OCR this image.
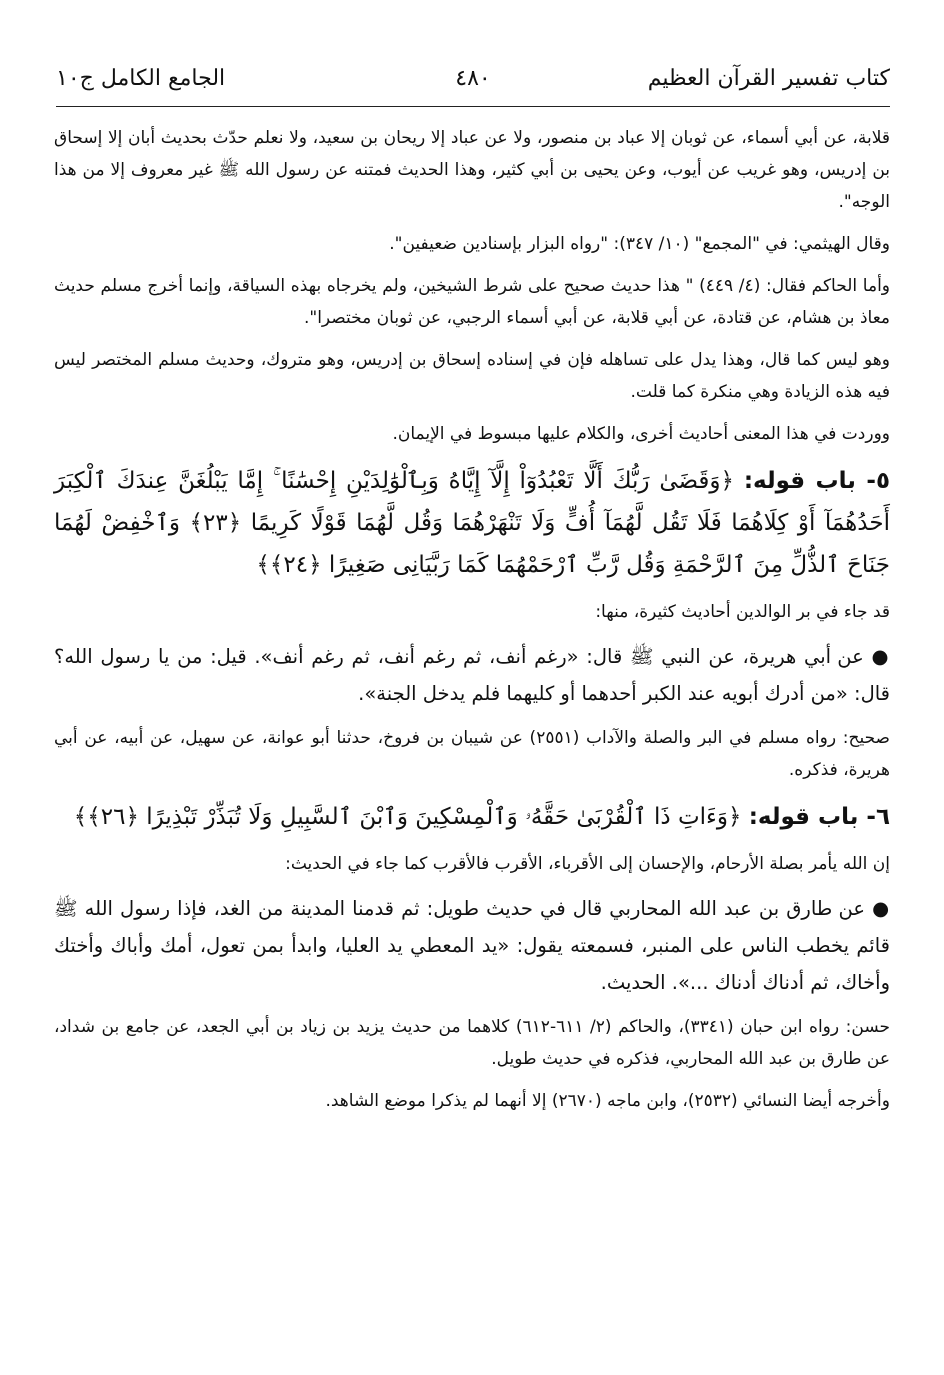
كتاب تفسير القرآن العظيم
٤٨٠
الجامع الكامل ج١٠

قلابة، عن أبي أسماء، عن ثوبان إلا عباد بن منصور، ولا عن عباد إلا ريحان بن سعيد، ولا نعلم حدّث بحديث أبان إلا إسحاق بن إدريس، وهو غريب عن أيوب، وعن يحيى بن أبي كثير، وهذا الحديث فمتنه عن رسول الله ﷺ غير معروف إلا من هذا الوجه".

وقال الهيثمي: في "المجمع" (١٠/ ٣٤٧): "رواه البزار بإسنادين ضعيفين".

وأما الحاكم فقال: (٤/ ٤٤٩) " هذا حديث صحيح على شرط الشيخين، ولم يخرجاه بهذه السياقة، وإنما أخرج مسلم حديث معاذ بن هشام، عن قتادة، عن أبي قلابة، عن أبي أسماء الرجبي، عن ثوبان مختصرا".

وهو ليس كما قال، وهذا يدل على تساهله فإن في إسناده إسحاق بن إدريس، وهو متروك، وحديث مسلم المختصر ليس فيه هذه الزيادة وهي منكرة كما قلت.

ووردت في هذا المعنى أحاديث أخرى، والكلام عليها مبسوط في الإيمان.

٥- باب قوله: ﴿وَقَضَىٰ رَبُّكَ أَلَّا تَعْبُدُوٓاْ إِلَّآ إِيَّاهُ وَبِٱلْوَٰلِدَيْنِ إِحْسَٰنًا ۚ إِمَّا يَبْلُغَنَّ عِندَكَ ٱلْكِبَرَ أَحَدُهُمَآ أَوْ كِلَاهُمَا فَلَا تَقُل لَّهُمَآ أُفٍّ وَلَا تَنْهَرْهُمَا وَقُل لَّهُمَا قَوْلًا كَرِيمًا ﴿٢٣﴾ وَٱخْفِضْ لَهُمَا جَنَاحَ ٱلذُّلِّ مِنَ ٱلرَّحْمَةِ وَقُل رَّبِّ ٱرْحَمْهُمَا كَمَا رَبَّيَانِى صَغِيرًا ﴿٢٤﴾﴾

قد جاء في بر الوالدين أحاديث كثيرة، منها:

● عن أبي هريرة، عن النبي ﷺ قال: «رغم أنف، ثم رغم أنف، ثم رغم أنف». قيل: من يا رسول الله؟ قال: «من أدرك أبويه عند الكبر أحدهما أو كليهما فلم يدخل الجنة».

صحيح: رواه مسلم في البر والصلة والآداب (٢٥٥١) عن شيبان بن فروخ، حدثنا أبو عوانة، عن سهيل، عن أبيه، عن أبي هريرة، فذكره.

٦- باب قوله: ﴿وَءَاتِ ذَا ٱلْقُرْبَىٰ حَقَّهُۥ وَٱلْمِسْكِينَ وَٱبْنَ ٱلسَّبِيلِ وَلَا تُبَذِّرْ تَبْذِيرًا ﴿٢٦﴾﴾

إن الله يأمر بصلة الأرحام، والإحسان إلى الأقرباء، الأقرب فالأقرب كما جاء في الحديث:

● عن طارق بن عبد الله المحاربي قال في حديث طويل: ثم قدمنا المدينة من الغد، فإذا رسول الله ﷺ قائم يخطب الناس على المنبر، فسمعته يقول: «يد المعطي يد العليا، وابدأ بمن تعول، أمك وأباك وأختك وأخاك، ثم أدناك أدناك ...». الحديث.

حسن: رواه ابن حبان (٣٣٤١)، والحاكم (٢/ ٦١١-٦١٢) كلاهما من حديث يزيد بن زياد بن أبي الجعد، عن جامع بن شداد، عن طارق بن عبد الله المحاربي، فذكره في حديث طويل.

وأخرجه أيضا النسائي (٢٥٣٢)، وابن ماجه (٢٦٧٠) إلا أنهما لم يذكرا موضع الشاهد.
